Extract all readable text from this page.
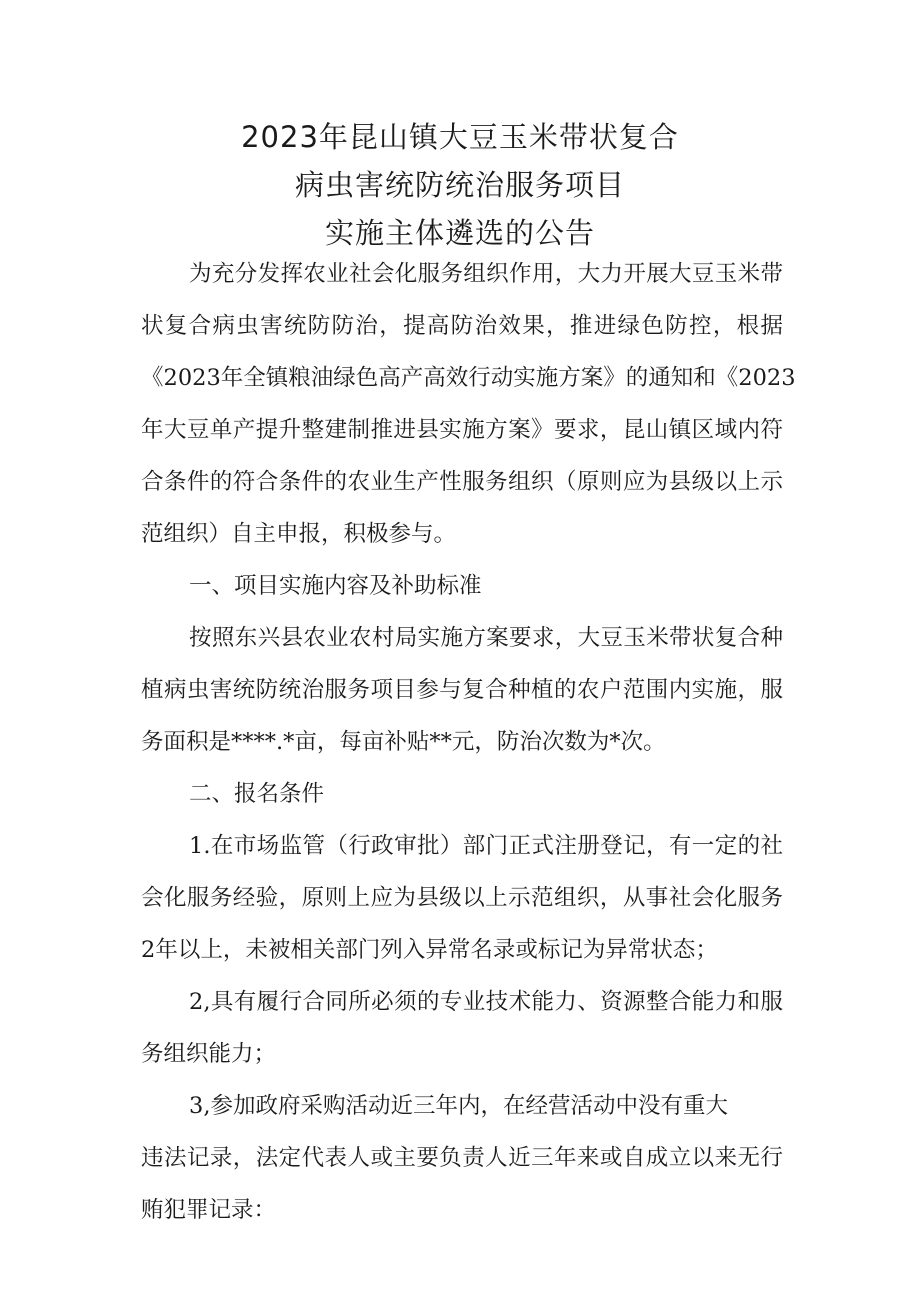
2023年昆山镇大豆玉米带状复合
病虫害统防统治服务项目
实施主体遴选的公告
为充分发挥农业社会化服务组织作用，大力开展大豆玉米带
状复合病虫害统防防治，提高防治效果，推进绿色防控，根据
《2023年全镇粮油绿色高产高效行动实施方案》的通知和《2023
年大豆单产提升整建制推进县实施方案》要求，昆山镇区域内符
合条件的符合条件的农业生产性服务组织（原则应为县级以上示
范组织）自主申报，积极参与。
一、项目实施内容及补助标准
按照东兴县农业农村局实施方案要求，大豆玉米带状复合种
植病虫害统防统治服务项目参与复合种植的农户范围内实施，服
务面积是****.*亩，每亩补贴**元，防治次数为*次。
二、报名条件
1.在市场监管（行政审批）部门正式注册登记，有一定的社
会化服务经验，原则上应为县级以上示范组织，从事社会化服务
2年以上，未被相关部门列入异常名录或标记为异常状态；
2,具有履行合同所必须的专业技术能力、资源整合能力和服
务组织能力；
3,参加政府采购活动近三年内，在经营活动中没有重大
违法记录，法定代表人或主要负责人近三年来或自成立以来无行
贿犯罪记录：
